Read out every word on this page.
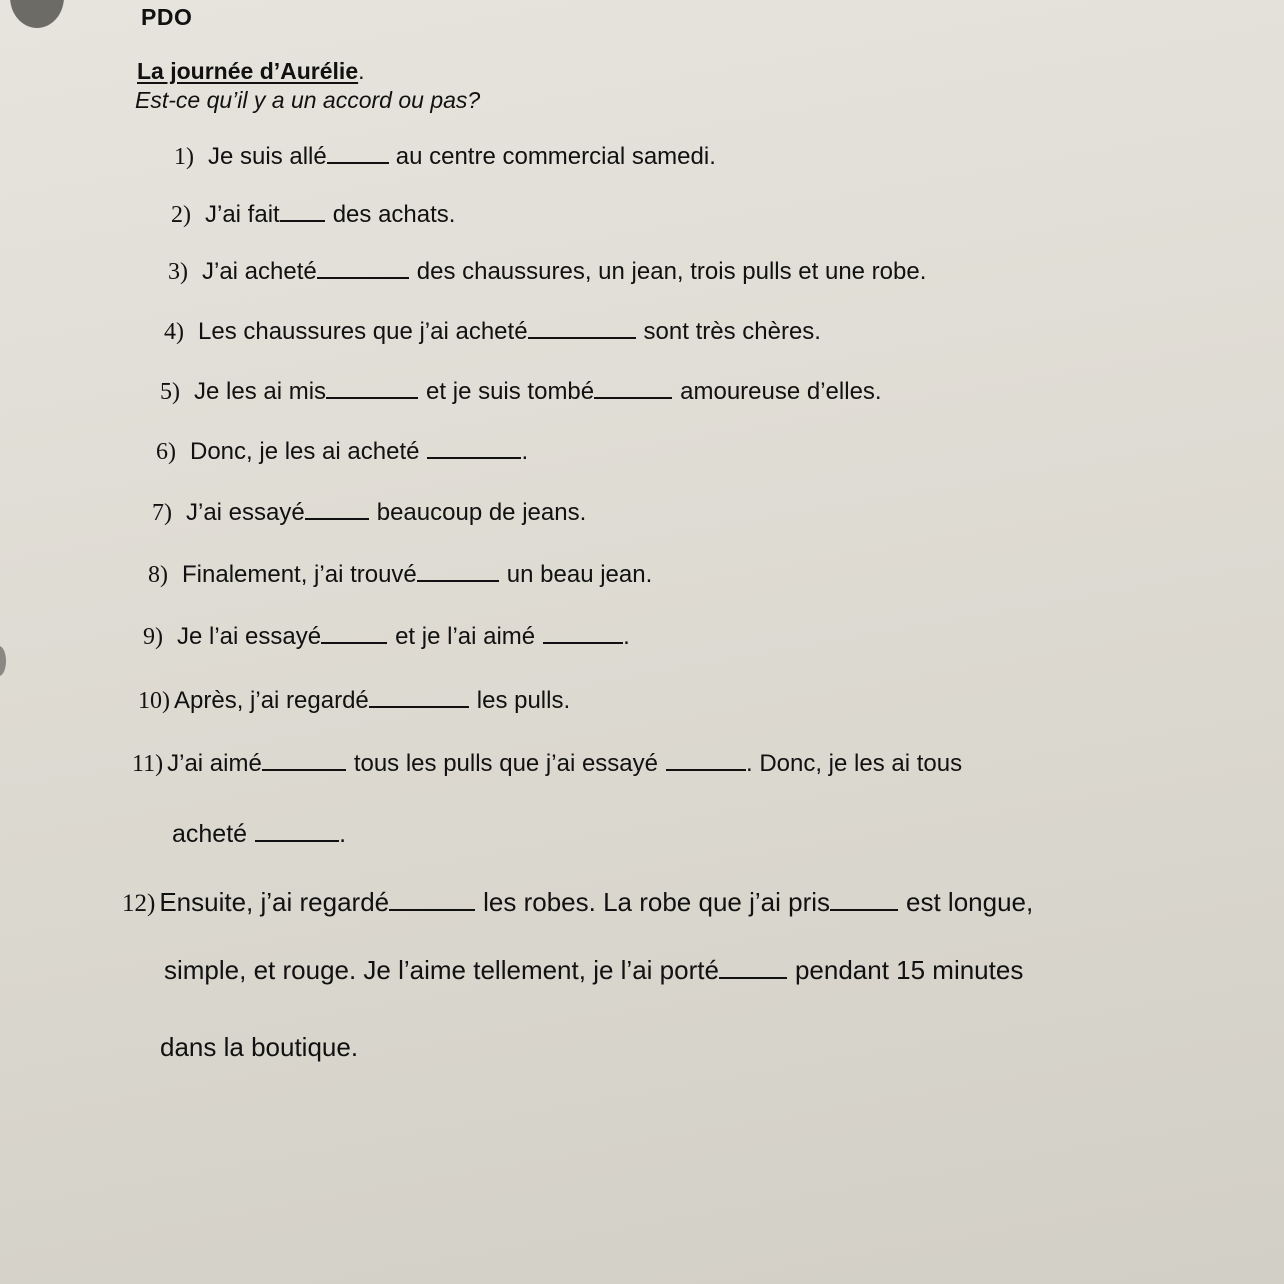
PDO
La journée d’Aurélie.
Est-ce qu’il y a un accord ou pas?
1) Je suis allé	au centre commercial samedi.
2) J’ai fait des achats.
3) J’ai acheté	des chaussures, un jean, trois pulls et une robe.
4) Les chaussures que j’ai acheté	sont très chères.
5) Je les ai mis	et je suis tombé	amoureuse d’elles.
6) Donc, je les ai acheté	.
7) J’ai essayé	beaucoup de jeans.
8) Finalement, j’ai trouvé	un beau jean.
9) Je l’ai essayé	et je l’ai aimé	.
10) Après, j’ai regardé	les pulls.
11) J’ai aimé	tous les pulls que j’ai essayé	. Donc, je les ai tous
acheté	.
12) Ensuite, j’ai regardé	les robes. La robe que j’ai pris	est longue,
simple, et rouge. Je l’aime tellement, je l’ai porté	pendant 15 minutes
dans la boutique.
